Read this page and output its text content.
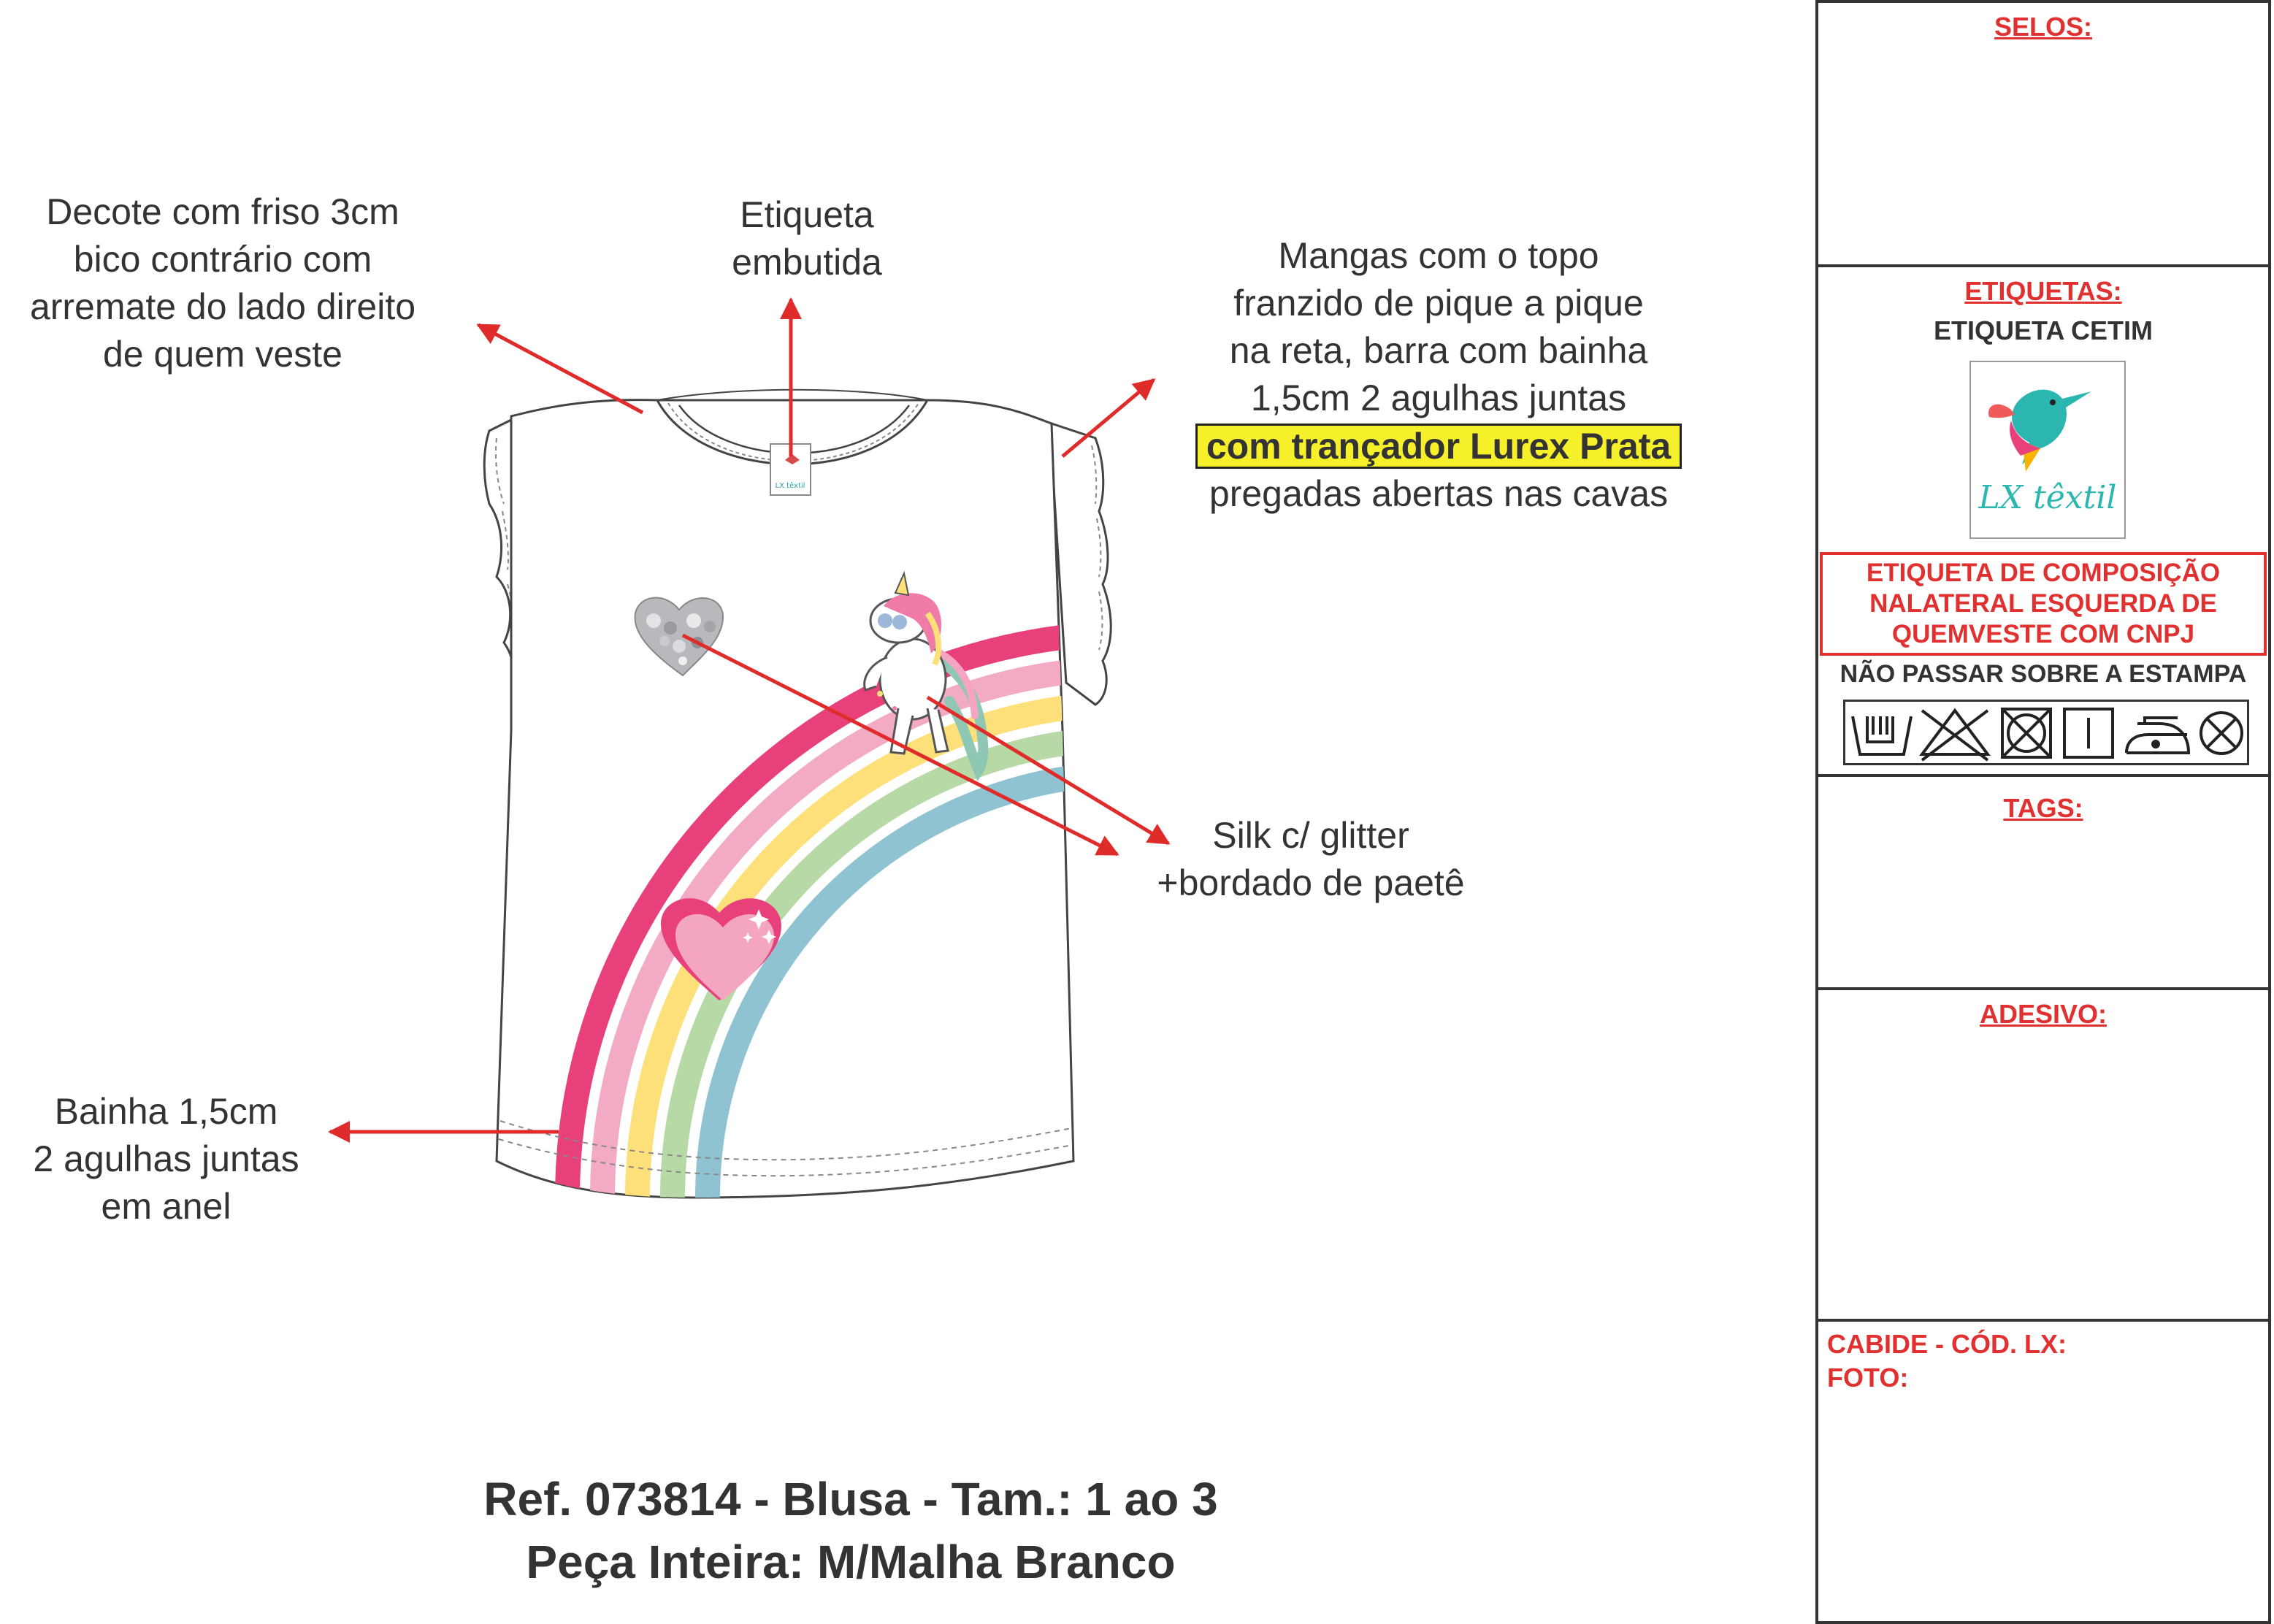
LX têxtil
Decote com friso 3cm
bico contrário com
arremate do lado direito
de quem veste
Etiqueta
embutida	Mangas com o topo
franzido de pique a pique
na reta, barra com bainha
1,5cm 2 agulhas juntas
com trançador Lurex Prata
pregadas abertas nas cavas
Silk c/ glitter
+bordado de paetê
Bainha 1,5cm
2 agulhas juntas
em anel
Ref. 073814 - Blusa - Tam.: 1 ao 3
Peça Inteira: M/Malha Branco
SELOS:
ETIQUETAS:
ETIQUETA CETIM
LX têxtil
ETIQUETA DE COMPOSIÇÃO NALATERAL ESQUERDA DE QUEMVESTE COM CNPJ
NÃO PASSAR SOBRE A ESTAMPA
TAGS:
ADESIVO:
CABIDE - CÓD. LX:
FOTO:
